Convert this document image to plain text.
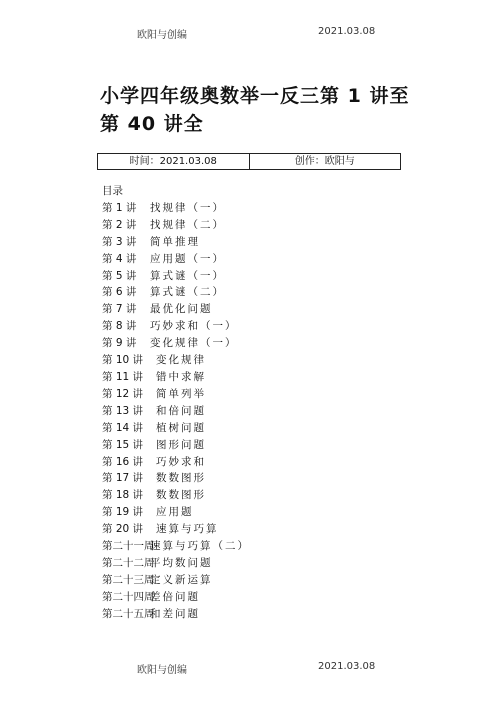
欧阳与创编	2021.03.08
小学四年级奥数举一反三第 1 讲至第 40 讲全
时间：2021.03.08	创作：欧阳与
目录
第 1 讲 找规律（一）
第 2 讲 找规律（二）
第 3 讲 简单推理
第 4 讲 应用题（一）
第 5 讲 算式谜（一）
第 6 讲 算式谜（二）
第 7 讲 最优化问题
第 8 讲 巧妙求和（一）
第 9 讲 变化规律（一）
第 10 讲 变化规律
第 11 讲 错中求解
第 12 讲 简单列举
第 13 讲 和倍问题
第 14 讲 植树问题
第 15 讲 图形问题
第 16 讲 巧妙求和
第 17 讲 数数图形
第 18 讲 数数图形
第 19 讲 应用题
第 20 讲 速算与巧算
第二十一周速算与巧算（二）
第二十二周平均数问题
第二十三周定义新运算
第二十四周差倍问题
第二十五周和差问题
欧阳与创编	2021.03.08
